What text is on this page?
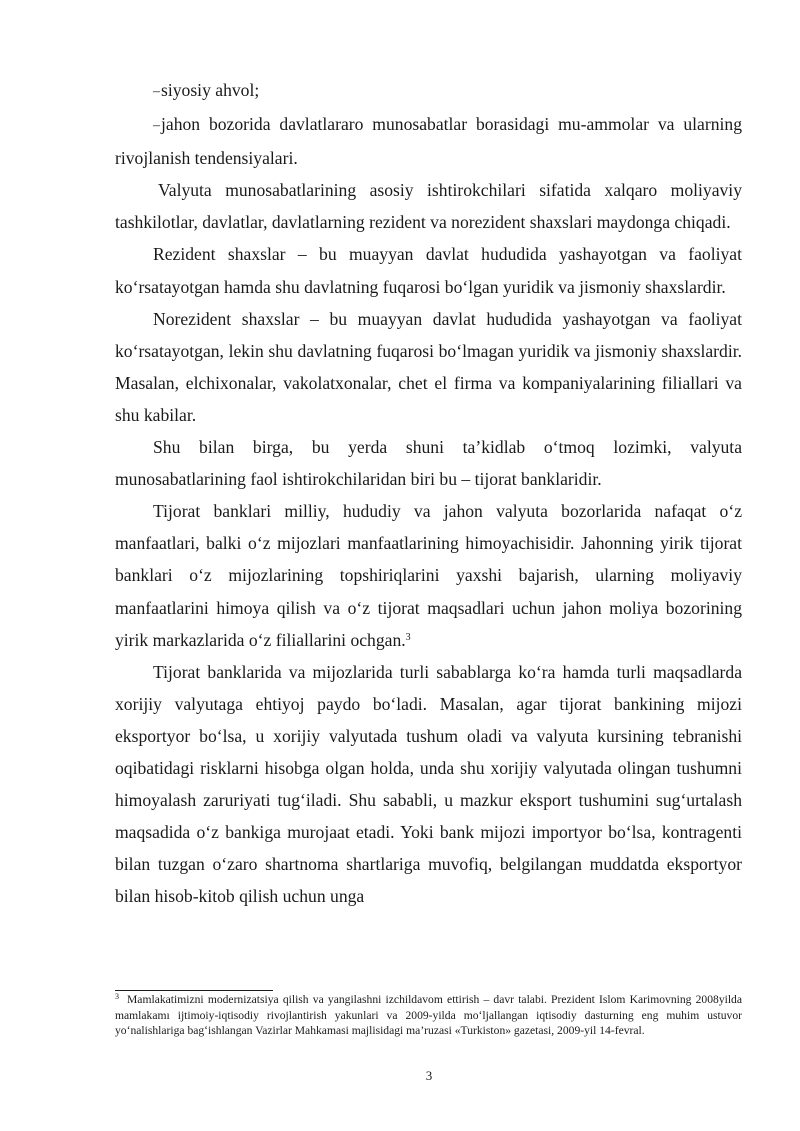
–siyosiy ahvol;

–jahon bozorida davlatlararo munosabatlar borasidagi mu-ammolar va ularning rivojlanish tendensiyalari.

Valyuta munosabatlarining asosiy ishtirokchilari sifatida xalqaro moliyaviy tashkilotlar, davlatlar, davlatlarning rezident va norezident shaxslari maydonga chiqadi.

Rezident shaxslar – bu muayyan davlat hududida yashayotgan va faoliyat koʻrsatayotgan hamda shu davlatning fuqarosi boʻlgan yuridik va jismoniy shaxslardir.

Norezident shaxslar – bu muayyan davlat hududida yashayotgan va faoliyat koʻrsatayotgan, lekin shu davlatning fuqarosi boʻlmagan yuridik va jismoniy shaxslardir. Masalan, elchixonalar, vakolatxonalar, chet el firma va kompaniyalarining filiallari va shu kabilar.

Shu bilan birga, bu yerda shuni ta’kidlab oʻtmoq lozimki, valyuta munosabatlarining faol ishtirokchilaridan biri bu – tijorat banklaridir.

Tijorat banklari milliy, hududiy va jahon valyuta bozorlarida nafaqat oʻz manfaatlari, balki oʻz mijozlari manfaatlarining himoyachisidir. Jahonning yirik tijorat banklari oʻz mijozlarining topshiriqlarini yaxshi bajarish, ularning moliyaviy manfaatlarini himoya qilish va oʻz tijorat maqsadlari uchun jahon moliya bozorining yirik markazlarida oʻz filiallarini ochgan.$^3$

Tijorat banklarida va mijozlarida turli sabablarga koʻra hamda turli maqsadlarda xorijiy valyutaga ehtiyoj paydo boʻladi. Masalan, agar tijorat bankining mijozi eksportyor boʻlsa, u xorijiy valyutada tushum oladi va valyuta kursining tebranishi oqibatidagi risklarni hisobga olgan holda, unda shu xorijiy valyutada olingan tushumni himoyalash zaruriyati tugʻiladi. Shu sababli, u mazkur eksport tushumini sugʻurtalash maqsadida oʻz bankiga murojaat etadi. Yoki bank mijozi importyor boʻlsa, kontragenti bilan tuzgan oʻzaro shartnoma shartlariga muvofiq, belgilangan muddatda eksportyor bilan hisob-kitob qilish uchun unga

$^3$ Mamlakatimizni modernizatsiya qilish va yangilashni izchildavom ettirish – davr talabi. Prezident Islom Karimovning 2008yilda mamlakamı ijtimoiy-iqtisodiy rivojlantirish yakunlari va 2009-yilda moʻljallangan iqtisodiy dasturning eng muhim ustuvor yoʻnalishlariga bagʻishlangan Vazirlar Mahkamasi majlisidagi ma’ruzasi «Turkiston» gazetasi, 2009-yil 14-fevral.

3
